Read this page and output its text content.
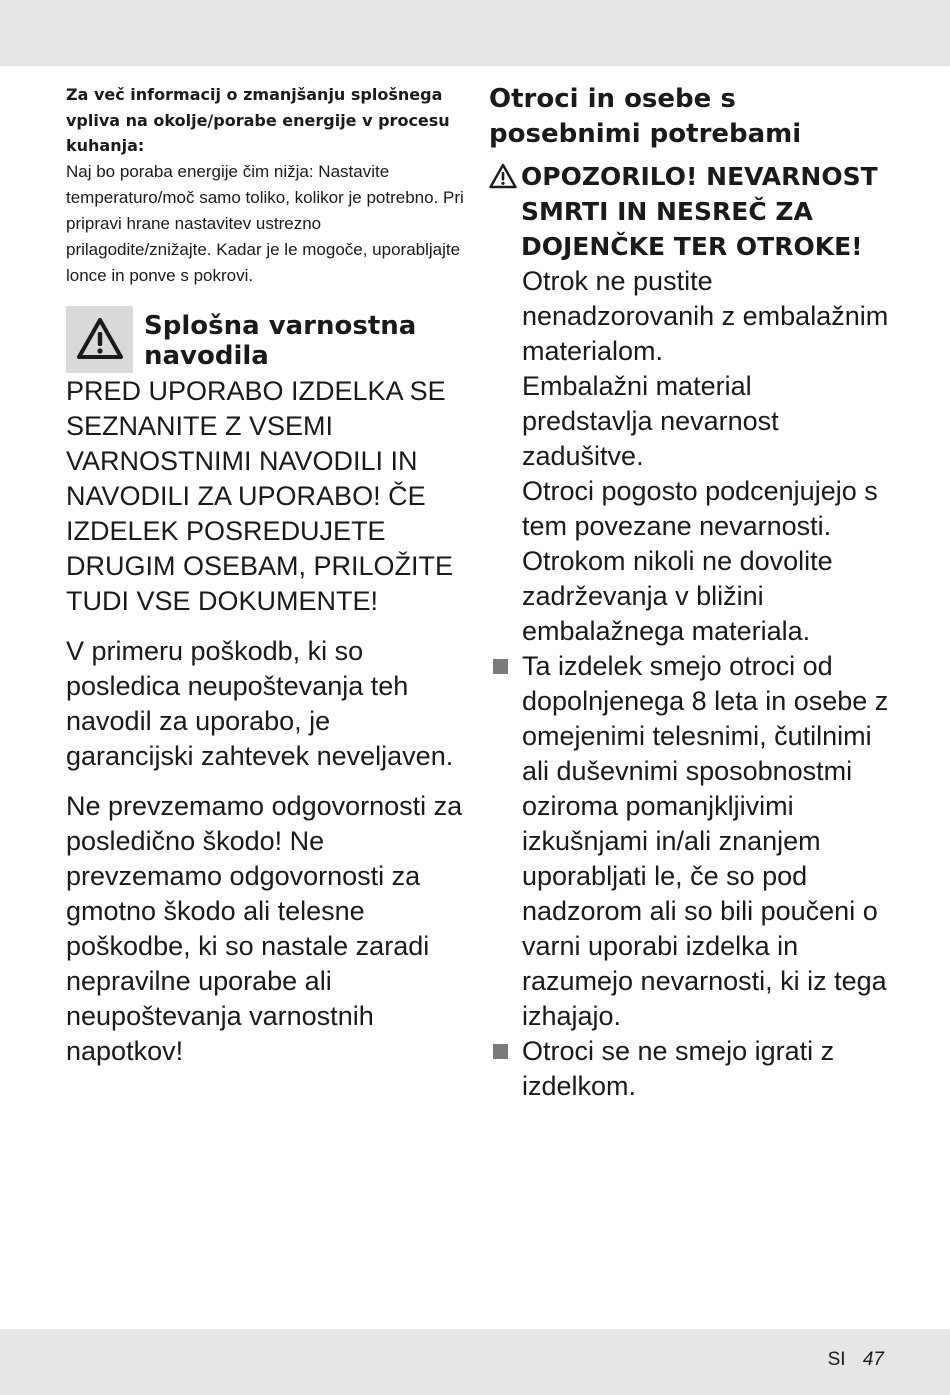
Za več informacij o zmanjšanju splošnega vpliva na okolje/porabe energije v procesu kuhanja:
Naj bo poraba energije čim nižja: Nastavite temperaturo/moč samo toliko, kolikor je potrebno. Pri pripravi hrane nastavitev ustrezno prilagodite/znižajte. Kadar je le mogoče, uporabljajte lonce in ponve s pokrovi.
Splošna varnostna navodila
PRED UPORABO IZDELKA SE SEZNANITE Z VSEMI VARNOSTNIMI NAVODILI IN NAVODILI ZA UPORABO! ČE IZDELEK POSREDUJETE DRUGIM OSEBAM, PRILOŽITE TUDI VSE DOKUMENTE!
V primeru poškodb, ki so posledica neupoštevanja teh navodil za uporabo, je garancijski zahtevek neveljaven.
Ne prevzemamo odgovornosti za posledično škodo! Ne prevzemamo odgovornosti za gmotno škodo ali telesne poškodbe, ki so nastale zaradi nepravilne uporabe ali neupoštevanja varnostnih napotkov!
Otroci in osebe s posebnimi potrebami
OPOZORILO! NEVARNOST SMRTI IN NESREČ ZA DOJENČKE TER OTROKE!
Otrok ne pustite nenadzorovanih z embalažnim materialom.
Embalažni material predstavlja nevarnost zadušitve.
Otroci pogosto podcenjujejo s tem povezane nevarnosti. Otrokom nikoli ne dovolite zadrževanja v bližini embalažnega materiala.
Ta izdelek smejo otroci od dopolnjenega 8 leta in osebe z omejenimi telesnimi, čutilnimi ali duševnimi sposobnostmi oziroma pomanjkljivimi izkušnjami in/ali znanjem uporabljati le, če so pod nadzorom ali so bili poučeni o varni uporabi izdelka in razumejo nevarnosti, ki iz tega izhajajo.
Otroci se ne smejo igrati z izdelkom.
SI 47
